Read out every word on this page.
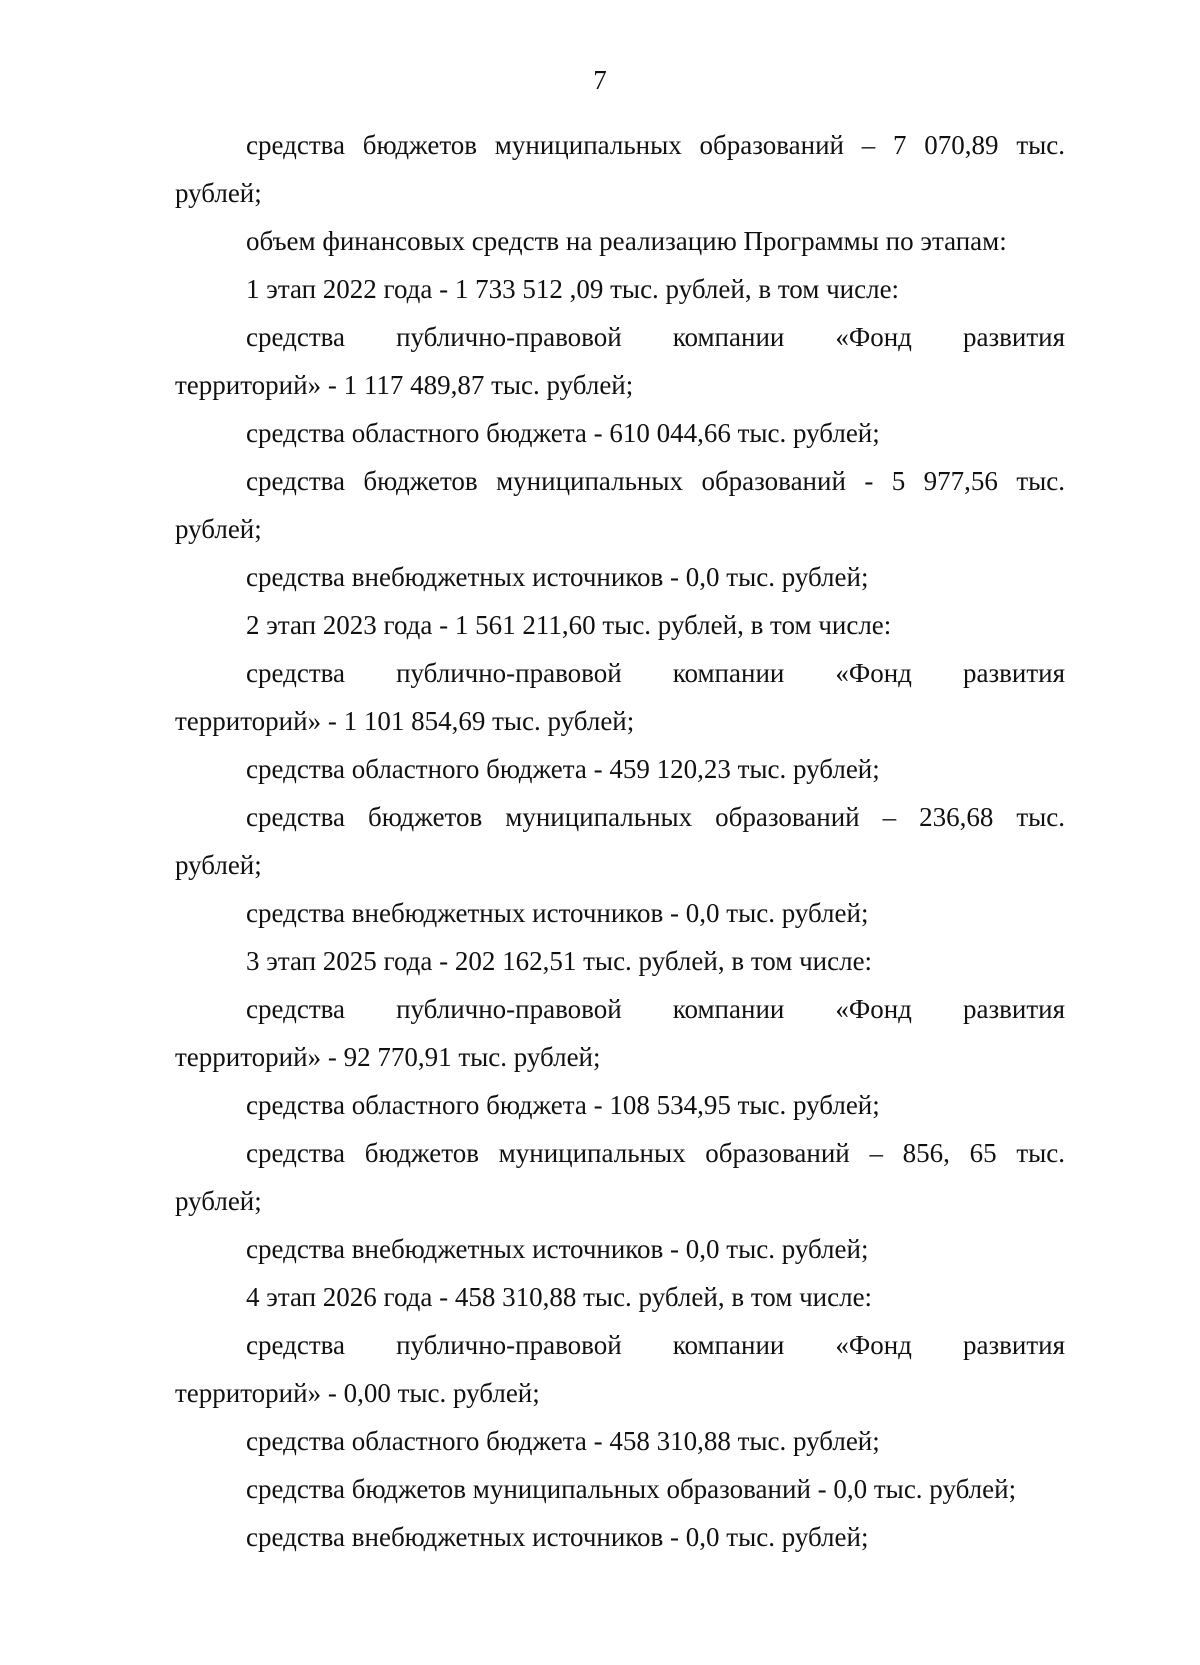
7
средства бюджетов муниципальных образований – 7 070,89 тыс.
рублей;
объем финансовых средств на реализацию Программы по этапам:
1 этап 2022 года - 1 733 512 ,09 тыс. рублей, в том числе:
средства публично-правовой компании «Фонд развития
территорий» - 1 117 489,87 тыс. рублей;
средства областного бюджета - 610 044,66 тыс. рублей;
средства бюджетов муниципальных образований - 5 977,56 тыс.
рублей;
средства внебюджетных источников - 0,0 тыс. рублей;
2 этап 2023 года - 1 561 211,60 тыс. рублей, в том числе:
средства публично-правовой компании «Фонд развития
территорий» - 1 101 854,69 тыс. рублей;
средства областного бюджета - 459 120,23 тыс. рублей;
средства бюджетов муниципальных образований – 236,68 тыс.
рублей;
средства внебюджетных источников - 0,0 тыс. рублей;
3 этап 2025 года - 202 162,51 тыс. рублей, в том числе:
средства публично-правовой компании «Фонд развития
территорий» - 92 770,91 тыс. рублей;
средства областного бюджета - 108 534,95 тыс. рублей;
средства бюджетов муниципальных образований – 856, 65 тыс.
рублей;
средства внебюджетных источников - 0,0 тыс. рублей;
4 этап 2026 года - 458 310,88 тыс. рублей, в том числе:
средства публично-правовой компании «Фонд развития
территорий» - 0,00 тыс. рублей;
средства областного бюджета - 458 310,88 тыс. рублей;
средства бюджетов муниципальных образований - 0,0 тыс. рублей;
средства внебюджетных источников - 0,0 тыс. рублей;
